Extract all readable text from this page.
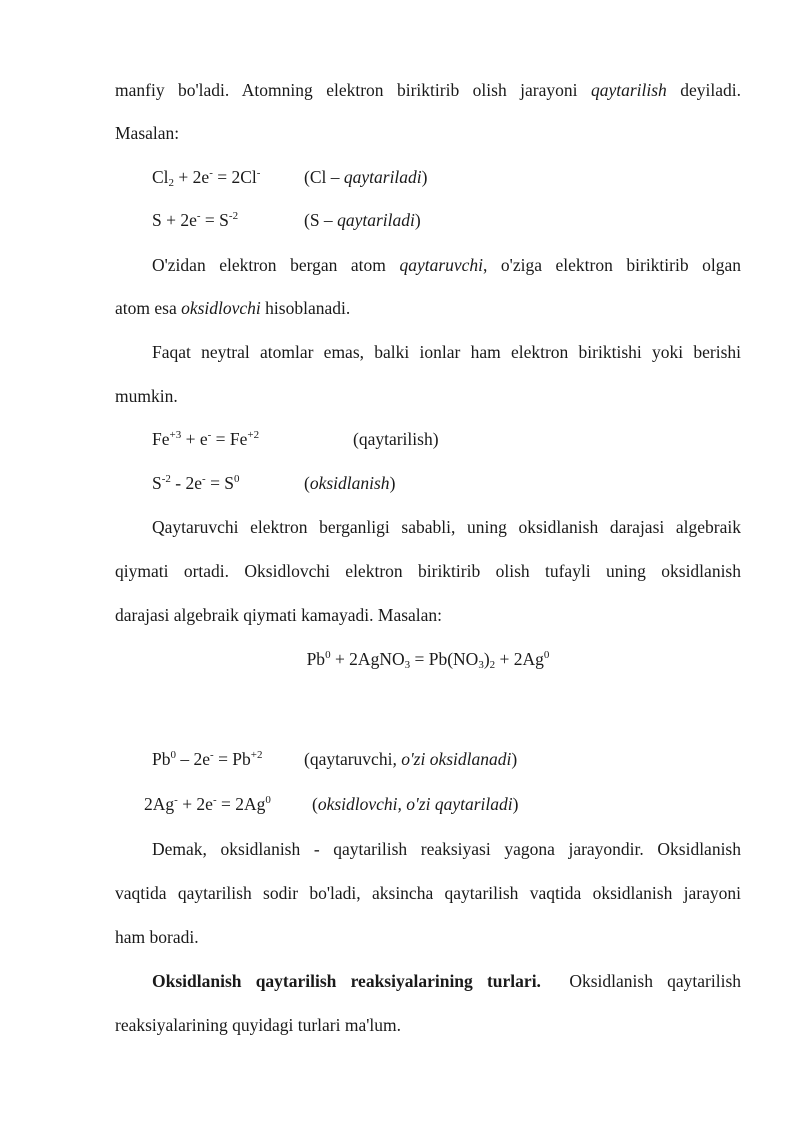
manfiy bo'ladi. Atomning elektron biriktirib olish jarayoni qaytarilish deyiladi.
Masalan:
$Cl_2 + 2e^- = 2Cl^-$ (Cl – qaytariladi)
$S + 2e^- = S^{-2}$	(S – qaytariladi)
O'zidan elektron bergan atom qaytaruvchi, o'ziga elektron biriktirib olgan
atom esa oksidlovchi hisoblanadi.
Faqat neytral atomlar emas, balki ionlar ham elektron biriktishi yoki berishi
mumkin.
$Fe^{+3} + e^- = Fe^{+2}$	(qaytarilish)
$S^{-2} - 2e^- = S^0$	(oksidlanish)
Qaytaruvchi elektron berganligi sababli, uning oksidlanish darajasi algebraik
qiymati ortadi. Oksidlovchi elektron biriktirib olish tufayli uning oksidlanish
darajasi algebraik qiymati kamayadi. Masalan:
$Pb^0$ + 2AgNO$_3$ = $Pb(NO_3)_2 + 2Ag^0$
$Pb^0 - 2e^- = Pb^{+2}$ (qaytaruvchi, o'zi oksidlanadi)
$2Ag^- + 2e^- = 2Ag^0$ (oksidlovchi, o'zi qaytariladi)
Demak, oksidlanish - qaytarilish reaksiyasi yagona jarayondir. Oksidlanish
vaqtida qaytarilish sodir bo'ladi, aksincha qaytarilish vaqtida oksidlanish jarayoni
ham boradi.
Oksidlanish qaytarilish reaksiyalarining turlari.  Oksidlanish qaytarilish
reaksiyalarining quyidagi turlari ma'lum.
